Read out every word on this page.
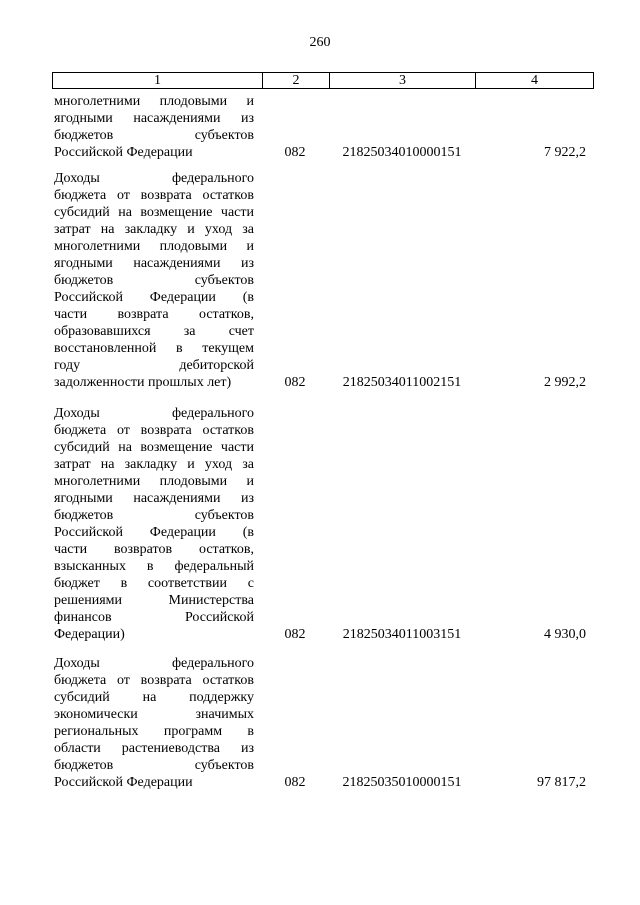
260
1	2	3	4
многолетними плодовыми и
ягодными насаждениями из
бюджетов субъектов
Российской Федерации	082	21825034010000151	7 922,2
Доходы федерального
бюджета от возврата остатков
субсидий на возмещение части
затрат на закладку и уход за
многолетними плодовыми и
ягодными насаждениями из
бюджетов субъектов
Российской Федерации (в
части возврата остатков,
образовавшихся за счет
восстановленной в текущем
году дебиторской
задолженности прошлых лет)	082	21825034011002151	2 992,2
Доходы федерального
бюджета от возврата остатков
субсидий на возмещение части
затрат на закладку и уход за
многолетними плодовыми и
ягодными насаждениями из
бюджетов субъектов
Российской Федерации (в
части возвратов остатков,
взысканных в федеральный
бюджет в соответствии с
решениями Министерства
финансов Российской
Федерации)	082	21825034011003151	4 930,0
Доходы федерального
бюджета от возврата остатков
субсидий на поддержку
экономически значимых
региональных программ в
области растениеводства из
бюджетов субъектов
Российской Федерации	082	21825035010000151	97 817,2
